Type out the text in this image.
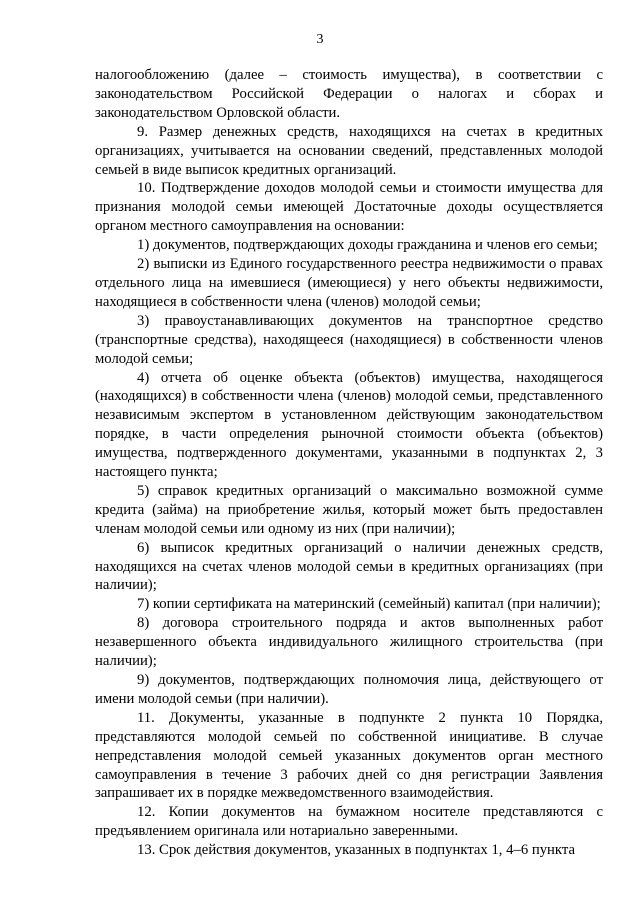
3

налогообложению (далее – стоимость имущества), в соответствии с законодательством Российской Федерации о налогах и сборах и законодательством Орловской области.

9. Размер денежных средств, находящихся на счетах в кредитных организациях, учитывается на основании сведений, представленных молодой семьей в виде выписок кредитных организаций.

10. Подтверждение доходов молодой семьи и стоимости имущества для признания молодой семьи имеющей Достаточные доходы осуществляется органом местного самоуправления на основании:

1) документов, подтверждающих доходы гражданина и членов его семьи;

2) выписки из Единого государственного реестра недвижимости о правах отдельного лица на имевшиеся (имеющиеся) у него объекты недвижимости, находящиеся в собственности члена (членов) молодой семьи;

3) правоустанавливающих документов на транспортное средство (транспортные средства), находящееся (находящиеся) в собственности членов молодой семьи;

4) отчета об оценке объекта (объектов) имущества, находящегося (находящихся) в собственности члена (членов) молодой семьи, представленного независимым экспертом в установленном действующим законодательством порядке, в части определения рыночной стоимости объекта (объектов) имущества, подтвержденного документами, указанными в подпунктах 2, 3 настоящего пункта;

5) справок кредитных организаций о максимально возможной сумме кредита (займа) на приобретение жилья, который может быть предоставлен членам молодой семьи или одному из них (при наличии);

6) выписок кредитных организаций о наличии денежных средств, находящихся на счетах членов молодой семьи в кредитных организациях (при наличии);

7) копии сертификата на материнский (семейный) капитал (при наличии);

8) договора строительного подряда и актов выполненных работ незавершенного объекта индивидуального жилищного строительства (при наличии);

9) документов, подтверждающих полномочия лица, действующего от имени молодой семьи (при наличии).

11. Документы, указанные в подпункте 2 пункта 10 Порядка, представляются молодой семьей по собственной инициативе. В случае непредставления молодой семьей указанных документов орган местного самоуправления в течение 3 рабочих дней со дня регистрации Заявления запрашивает их в порядке межведомственного взаимодействия.

12. Копии документов на бумажном носителе представляются с предъявлением оригинала или нотариально заверенными.

13. Срок действия документов, указанных в подпунктах 1, 4–6 пункта
